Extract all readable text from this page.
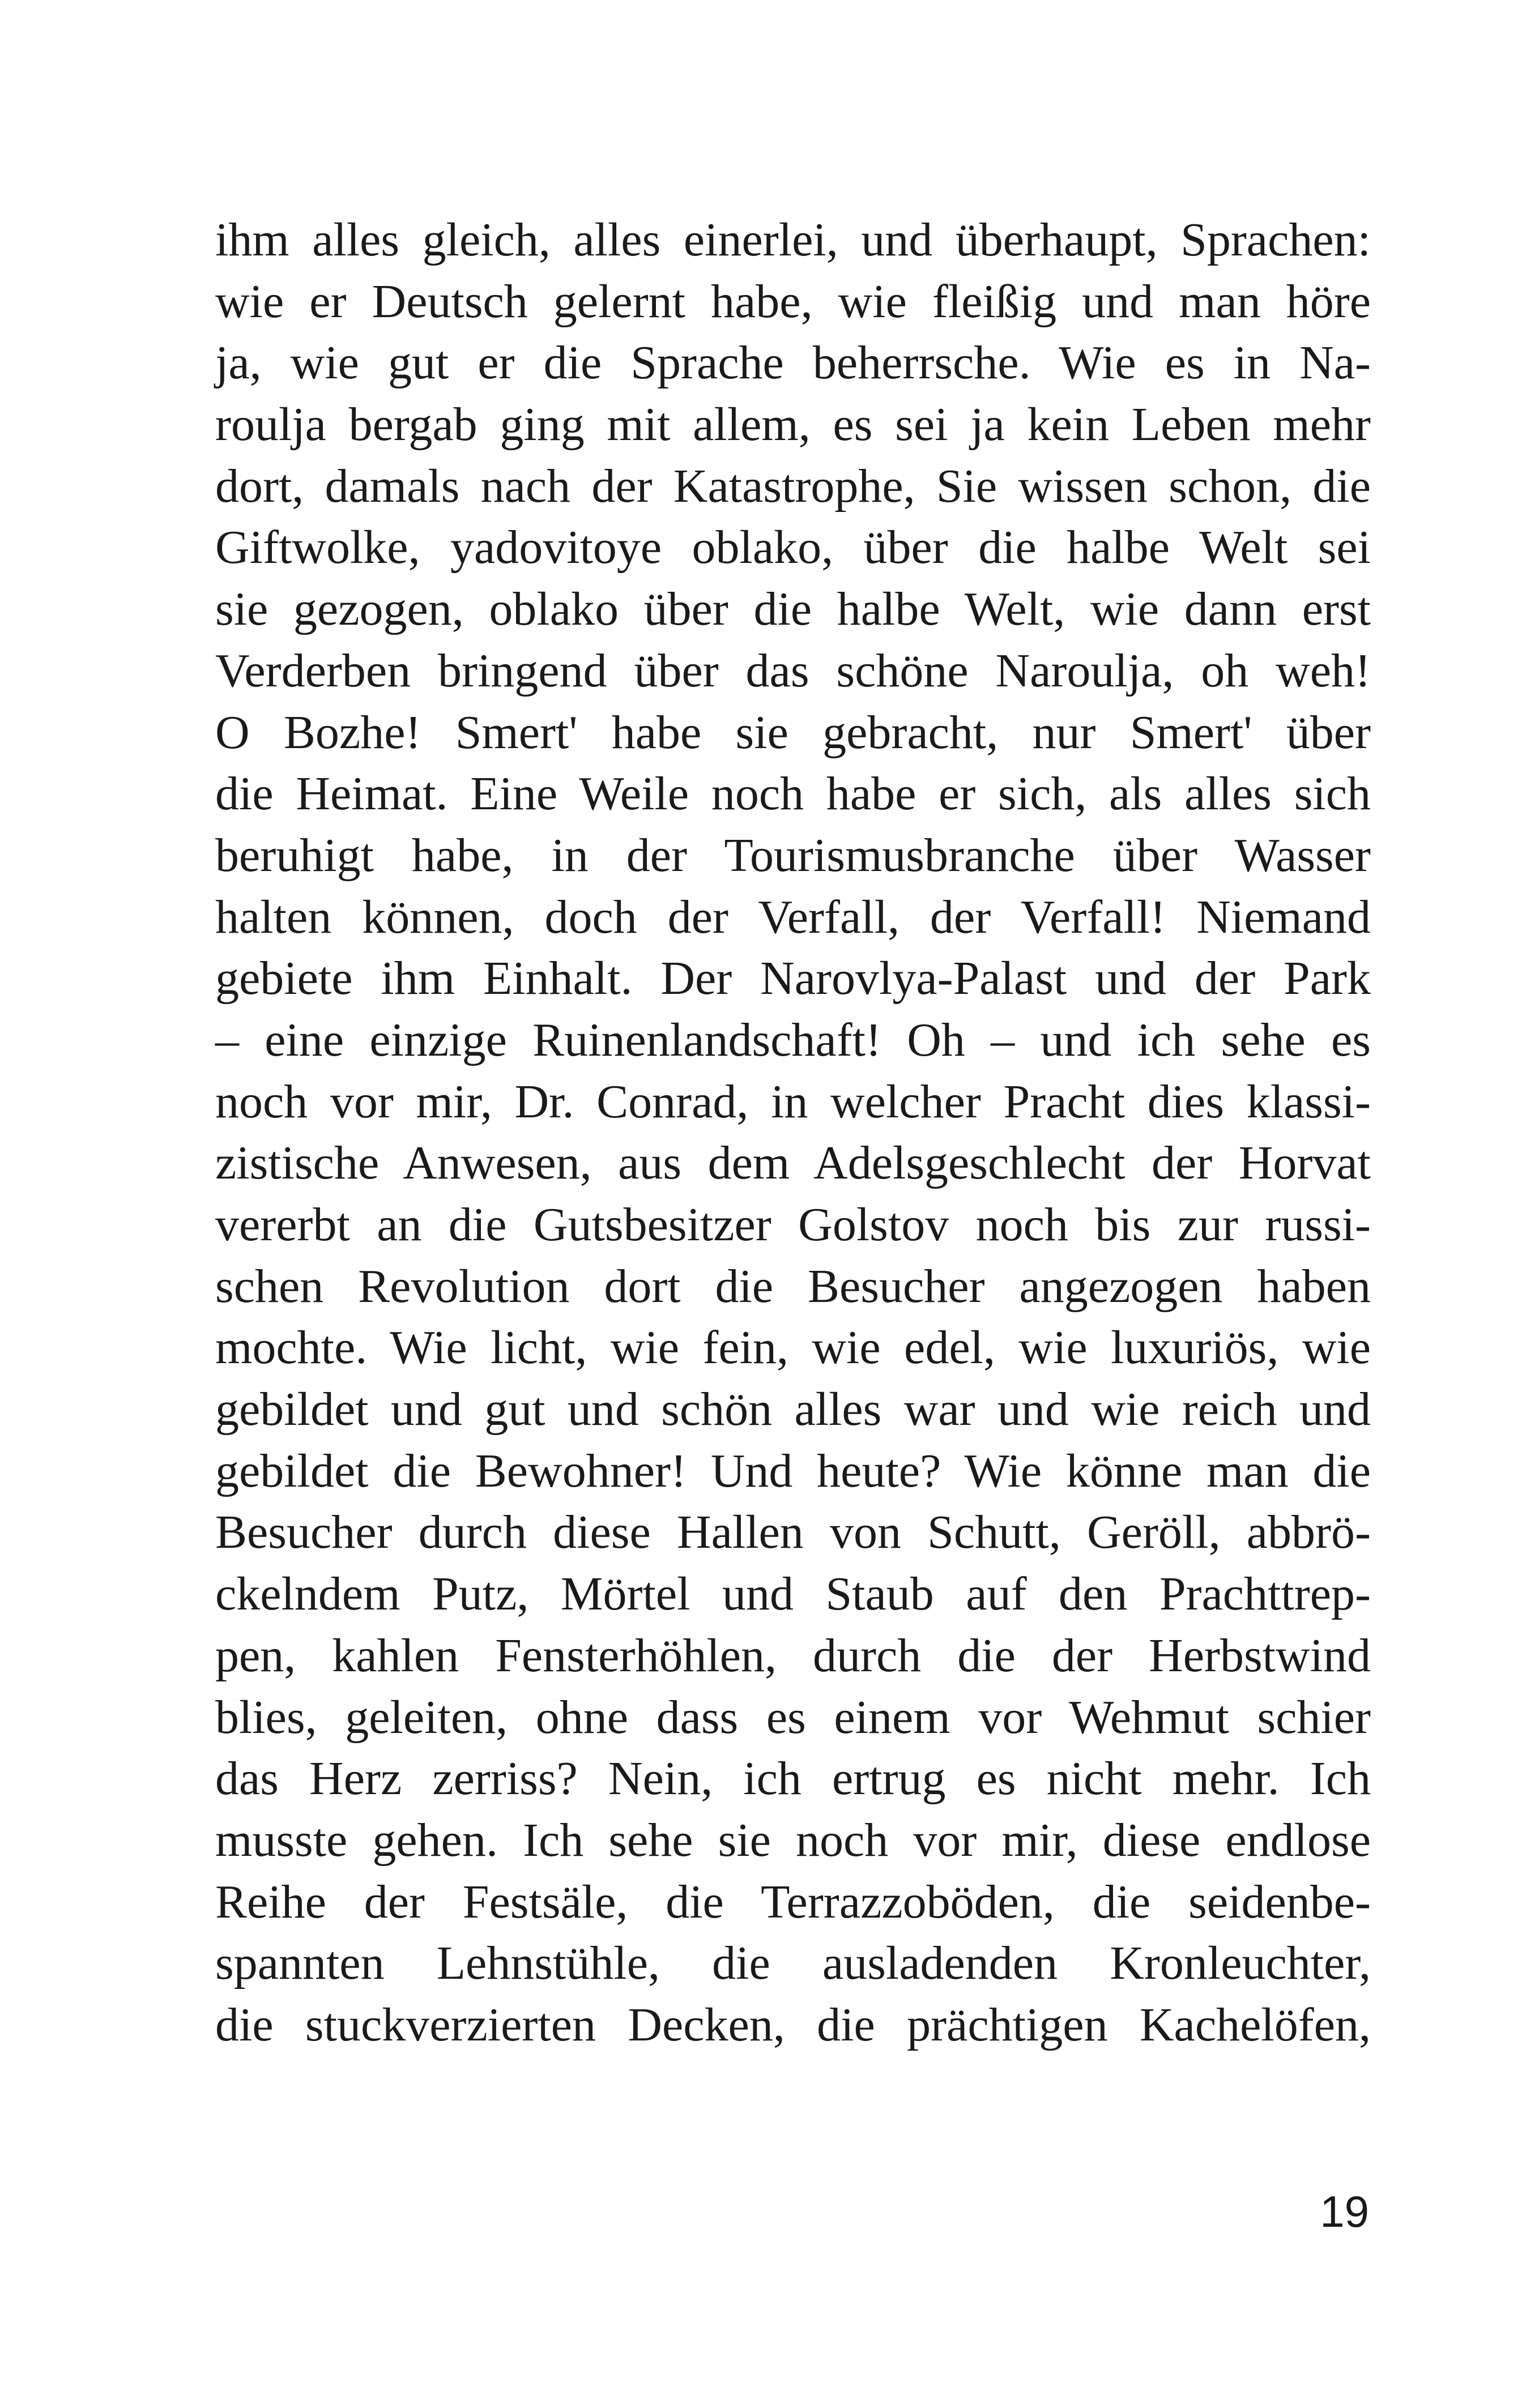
ihm alles gleich, alles einerlei, und überhaupt, Sprachen:
wie er Deutsch gelernt habe, wie fleißig und man höre
ja, wie gut er die Sprache beherrsche. Wie es in Na-
roulja bergab ging mit allem, es sei ja kein Leben mehr
dort, damals nach der Katastrophe, Sie wissen schon, die
Giftwolke, yadovitoye oblako, über die halbe Welt sei
sie gezogen, oblako über die halbe Welt, wie dann erst
Verderben bringend über das schöne Naroulja, oh weh!
O Bozhe! Smert' habe sie gebracht, nur Smert' über
die Heimat. Eine Weile noch habe er sich, als alles sich
beruhigt habe, in der Tourismusbranche über Wasser
halten können, doch der Verfall, der Verfall! Niemand
gebiete ihm Einhalt. Der Narovlya-Palast und der Park
– eine einzige Ruinenlandschaft! Oh – und ich sehe es
noch vor mir, Dr. Conrad, in welcher Pracht dies klassi-
zistische Anwesen, aus dem Adelsgeschlecht der Horvat
vererbt an die Gutsbesitzer Golstov noch bis zur russi-
schen Revolution dort die Besucher angezogen haben
mochte. Wie licht, wie fein, wie edel, wie luxuriös, wie
gebildet und gut und schön alles war und wie reich und
gebildet die Bewohner! Und heute? Wie könne man die
Besucher durch diese Hallen von Schutt, Geröll, abbrö-
ckelndem Putz, Mörtel und Staub auf den Prachttrep-
pen, kahlen Fensterhöhlen, durch die der Herbstwind
blies, geleiten, ohne dass es einem vor Wehmut schier
das Herz zerriss? Nein, ich ertrug es nicht mehr. Ich
musste gehen. Ich sehe sie noch vor mir, diese endlose
Reihe der Festsäle, die Terrazzoböden, die seidenbe-
spannten Lehnstühle, die ausladenden Kronleuchter,
die stuckverzierten Decken, die prächtigen Kachelöfen,
19
